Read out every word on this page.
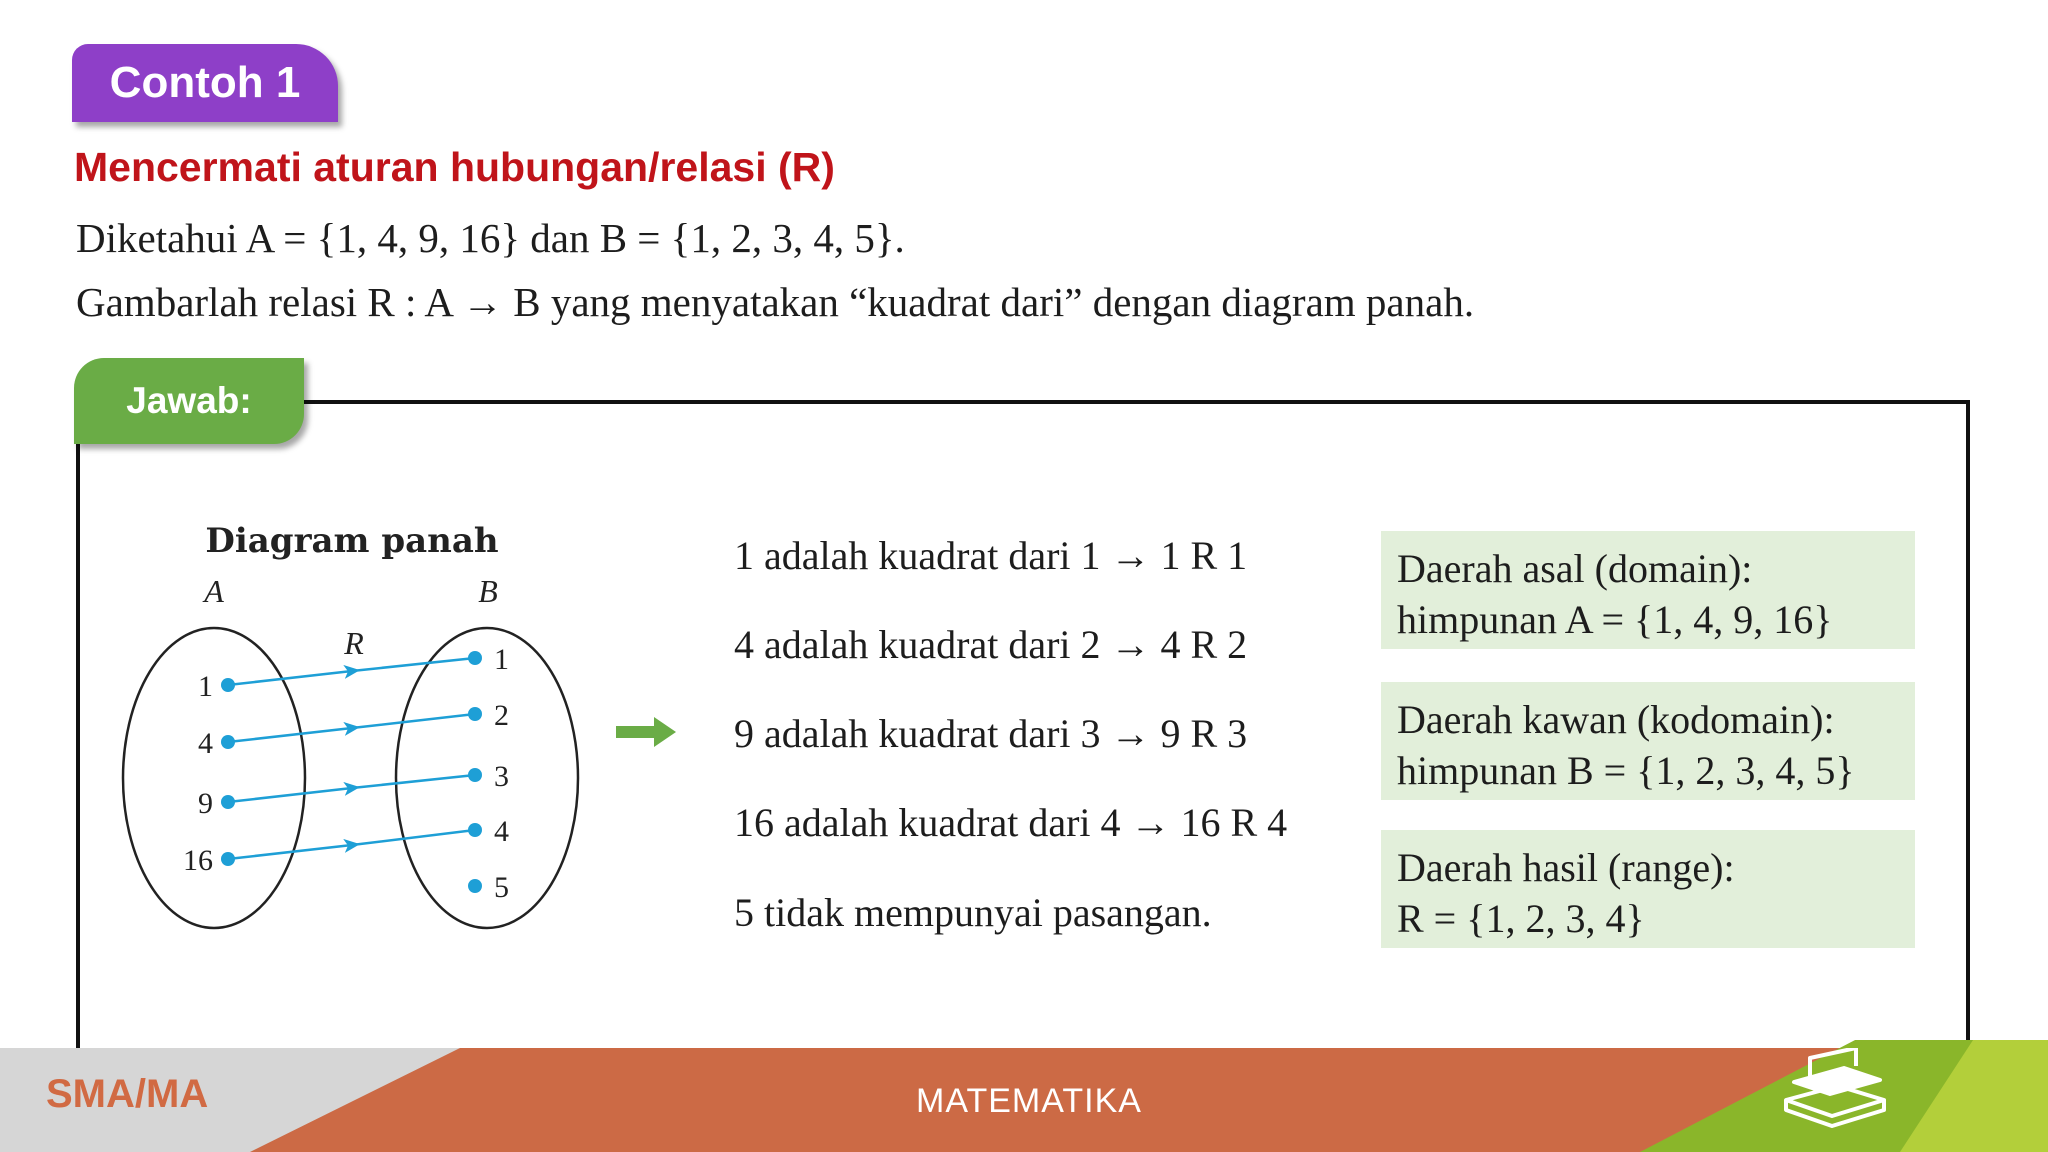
Contoh 1
Mencermati aturan hubungan/relasi (R)
Diketahui A = {1, 4, 9, 16} dan B = {1, 2, 3, 4, 5}.
Gambarlah relasi R : A → B yang menyatakan “kuadrat dari” dengan diagram panah.
Jawab:
Diagram panah
A	B
R
1
4
9
16
1
2
3
4
5
1 adalah kuadrat dari 1 → 1 R 1
4 adalah kuadrat dari 2 → 4 R 2
9 adalah kuadrat dari 3 → 9 R 3
16 adalah kuadrat dari 4 → 16 R 4
5 tidak mempunyai pasangan.
Daerah asal (domain):
himpunan A = {1, 4, 9, 16}
Daerah kawan (kodomain):
himpunan B = {1, 2, 3, 4, 5}
Daerah hasil (range):
R = {1, 2, 3, 4}
SMA/MA	MATEMATIKA
